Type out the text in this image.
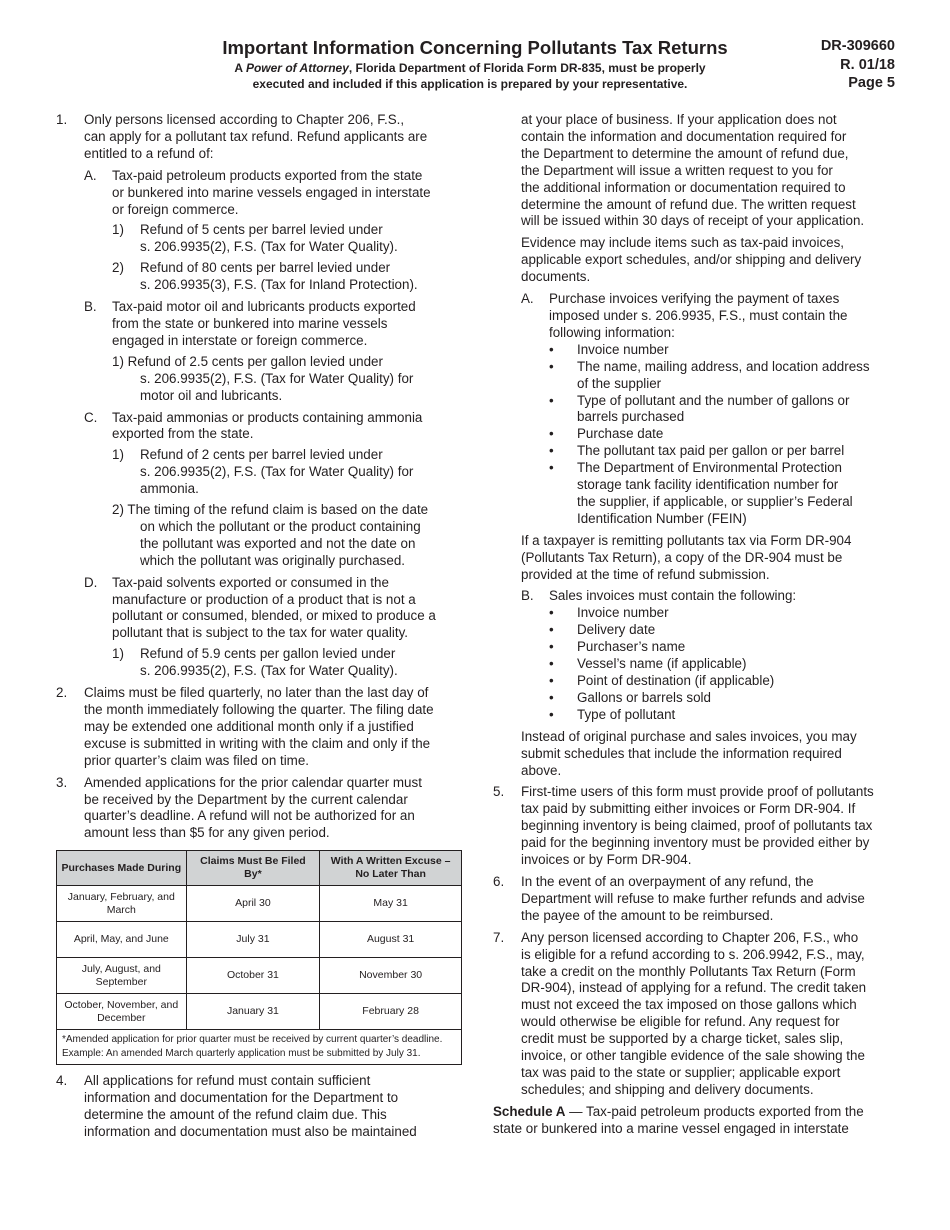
Important Information Concerning Pollutants Tax Returns
A Power of Attorney, Florida Department of Florida Form DR-835, must be properly
executed and included if this application is prepared by your representative.
DR-309660
R. 01/18
Page 5
1. Only persons licensed according to Chapter 206, F.S.,
can apply for a pollutant tax refund. Refund applicants are
entitled to a refund of:
A. Tax-paid petroleum products exported from the state
or bunkered into marine vessels engaged in interstate
or foreign commerce.
1) Refund of 5 cents per barrel levied under
s. 206.9935(2), F.S. (Tax for Water Quality).
2) Refund of 80 cents per barrel levied under
s. 206.9935(3), F.S. (Tax for Inland Protection).
B. Tax-paid motor oil and lubricants products exported
from the state or bunkered into marine vessels
engaged in interstate or foreign commerce.
1) Refund of 2.5 cents per gallon levied under
s. 206.9935(2), F.S. (Tax for Water Quality) for
motor oil and lubricants.
C. Tax-paid ammonias or products containing ammonia
exported from the state.
1) Refund of 2 cents per barrel levied under
s. 206.9935(2), F.S. (Tax for Water Quality) for
ammonia.
2) The timing of the refund claim is based on the date
on which the pollutant or the product containing
the pollutant was exported and not the date on
which the pollutant was originally purchased.
D. Tax-paid solvents exported or consumed in the
manufacture or production of a product that is not a
pollutant or consumed, blended, or mixed to produce a
pollutant that is subject to the tax for water quality.
1) Refund of 5.9 cents per gallon levied under
s. 206.9935(2), F.S. (Tax for Water Quality).
2. Claims must be filed quarterly, no later than the last day of
the month immediately following the quarter. The filing date
may be extended one additional month only if a justified
excuse is submitted in writing with the claim and only if the
prior quarter’s claim was filed on time.
3. Amended applications for the prior calendar quarter must
be received by the Department by the current calendar
quarter’s deadline. A refund will not be authorized for an
amount less than $5 for any given period.
Purchases Made During	Claims Must Be Filed By*	With A Written Excuse – No Later Than
January, February, and March	April 30	May 31
April, May, and June	July 31	August 31
July, August, and September	October 31	November 30
October, November, and December	January 31	February 28

*Amended application for prior quarter must be received by current quarter’s deadline.
Example: An amended March quarterly application must be submitted by July 31.		
4. All applications for refund must contain sufficient
information and documentation for the Department to
determine the amount of the refund claim due. This
information and documentation must also be maintained
at your place of business. If your application does not
contain the information and documentation required for
the Department to determine the amount of refund due,
the Department will issue a written request to you for
the additional information or documentation required to
determine the amount of refund due. The written request
will be issued within 30 days of receipt of your application.
Evidence may include items such as tax-paid invoices,
applicable export schedules, and/or shipping and delivery
documents.
A. Purchase invoices verifying the payment of taxes
imposed under s. 206.9935, F.S., must contain the
following information:
• Invoice number
• The name, mailing address, and location address
of the supplier
• Type of pollutant and the number of gallons or
barrels purchased
• Purchase date
• The pollutant tax paid per gallon or per barrel
• The Department of Environmental Protection
storage tank facility identification number for
the supplier, if applicable, or supplier’s Federal
Identification Number (FEIN)
If a taxpayer is remitting pollutants tax via Form DR-904
(Pollutants Tax Return), a copy of the DR-904 must be
provided at the time of refund submission.
B. Sales invoices must contain the following:
• Invoice number
• Delivery date
• Purchaser’s name
• Vessel’s name (if applicable)
• Point of destination (if applicable)
• Gallons or barrels sold
• Type of pollutant
Instead of original purchase and sales invoices, you may
submit schedules that include the information required
above.
5. First-time users of this form must provide proof of pollutants
tax paid by submitting either invoices or Form DR-904. If
beginning inventory is being claimed, proof of pollutants tax
paid for the beginning inventory must be provided either by
invoices or by Form DR-904.
6. In the event of an overpayment of any refund, the
Department will refuse to make further refunds and advise
the payee of the amount to be reimbursed.
7. Any person licensed according to Chapter 206, F.S., who
is eligible for a refund according to s. 206.9942, F.S., may,
take a credit on the monthly Pollutants Tax Return (Form
DR-904), instead of applying for a refund. The credit taken
must not exceed the tax imposed on those gallons which
would otherwise be eligible for refund. Any request for
credit must be supported by a charge ticket, sales slip,
invoice, or other tangible evidence of the sale showing the
tax was paid to the state or supplier; applicable export
schedules; and shipping and delivery documents.
Schedule A — Tax-paid petroleum products exported from the
state or bunkered into a marine vessel engaged in interstate
